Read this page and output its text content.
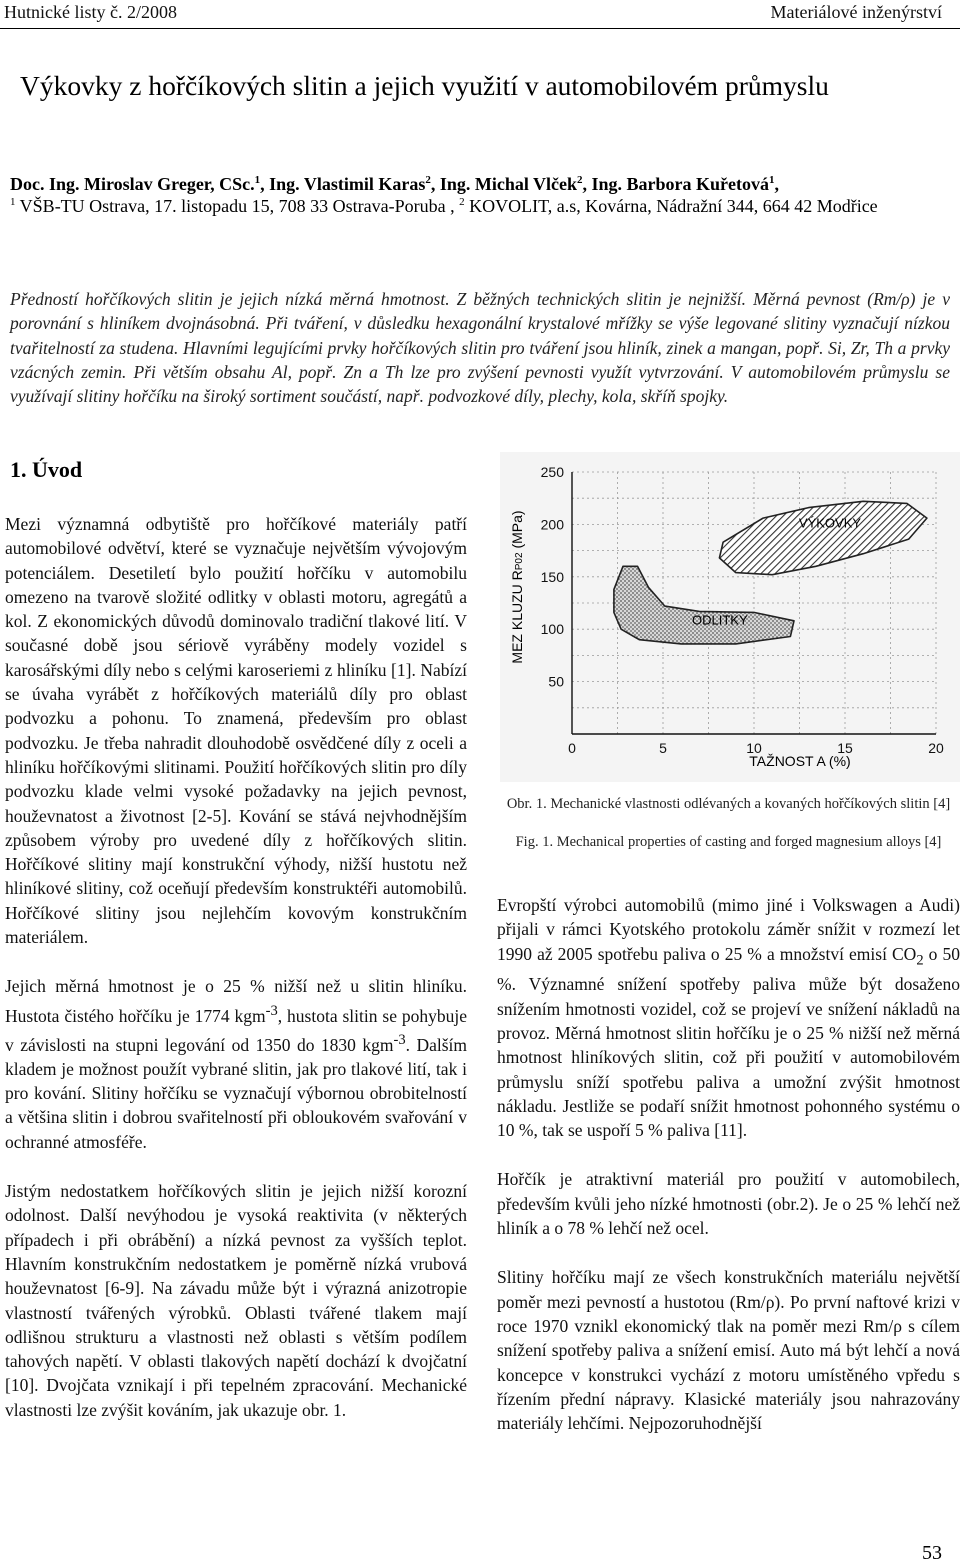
Hutnické listy č. 2/2008	Materiálové inženýrství
Výkovky z hořčíkových slitin a jejich využití v automobilovém průmyslu
Doc. Ing. Miroslav Greger, CSc.$^1$, Ing. Vlastimil Karas$^2$, Ing. Michal Vlček$^2$, Ing. Barbora Kuřetová$^1$,
$^1$ VŠB-TU Ostrava, 17. listopadu 15, 708 33 Ostrava-Poruba , $^2$ KOVOLIT, a.s, Kovárna, Nádražní 344, 664 42 Modřice
Předností hořčíkových slitin je jejich nízká měrná hmotnost. Z běžných technických slitin je nejnižší. Měrná pevnost (Rm/ρ) je v porovnání s hliníkem dvojnásobná. Při tváření, v důsledku hexagonální krystalové mřížky se výše legované slitiny vyznačují nízkou tvařitelností za studena. Hlavními legujícími prvky hořčíkových slitin pro tváření jsou hliník, zinek a mangan, popř. Si, Zr, Th a prvky vzácných zemin. Při větším obsahu Al, popř. Zn a Th lze pro zvýšení pevnosti využít vytvrzování. V automobilovém průmyslu se využívají slitiny hořčíku na široký sortiment součástí, např. podvozkové díly, plechy, kola, skříň spojky.
1. Úvod

Mezi významná odbytiště pro hořčíkové materiály patří automobilové odvětví, které se vyznačuje největším vývojovým potenciálem. Desetiletí bylo použití hořčíku v automobilu omezeno na tvarově složité odlitky v oblasti motoru, agregátů a kol. Z ekonomických důvodů dominovalo tradiční tlakové lití. V současné době jsou sériově vyráběny modely vozidel s karosářskými díly nebo s celými karoseriemi z hliníku [1]. Nabízí se úvaha vyrábět z hořčíkových materiálů díly pro oblast podvozku a pohonu. To znamená, především pro oblast podvozku. Je třeba nahradit dlouhodobě osvědčené díly z oceli a hliníku hořčíkovými slitinami. Použití hořčíkových slitin pro díly podvozku klade velmi vysoké požadavky na jejich pevnost, houževnatost a životnost [2-5]. Kování se stává nejvhodnějším způsobem výroby pro uvedené díly z hořčíkových slitin. Hořčíkové slitiny mají konstrukční výhody, nižší hustotu než hliníkové slitiny, což oceňují především konstruktéři automobilů. Hořčíkové slitiny jsou nejlehčím kovovým konstrukčním materiálem.

Jejich měrná hmotnost je o 25 % nižší než u slitin hliníku. Hustota čistého hořčíku je 1774 kgm$^{-3}$, hustota slitin se pohybuje v závislosti na stupni legování od 1350 do 1830 kgm$^{-3}$. Dalším kladem je možnost použít vybrané slitin, jak pro tlakové lití, tak i pro kování. Slitiny hořčíku se vyznačují výbornou obrobitelností a většina slitin i dobrou svařitelností při obloukovém svařování v ochranné atmosféře.

Jistým nedostatkem hořčíkových slitin je jejich nižší korozní odolnost. Další nevýhodou je vysoká reaktivita (v některých případech i při obrábění) a nízká pevnost za vyšších teplot. Hlavním konstrukčním nedostatkem je poměrně nízká vrubová houževnatost [6-9]. Na závadu může být i výrazná anizotropie vlastností tvářených výrobků. Oblasti tvářené tlakem mají odlišnou strukturu a vlastnosti než oblasti s větším podílem tahových napětí. V oblasti tlakových napětí dochází k dvojčatní [10]. Dvojčata vznikají i při tepelném zpracování. Mechanické vlastnosti lze zvýšit kováním, jak ukazuje obr. 1.

VÝKOVKY
ODLITKY
50
100
150
200
250
0	5	10	15	20
TAŽNOST A (%)
MEZ KLUZU RP02 (MPa)
Obr. 1. Mechanické vlastnosti odlévaných a kovaných hořčíkových slitin [4]
Fig. 1. Mechanical properties of casting and forged magnesium alloys [4]

Evropští výrobci automobilů (mimo jiné i Volkswagen a Audi) přijali v rámci Kyotského protokolu záměr snížit v rozmezí let 1990 až 2005 spotřebu paliva o 25 % a množství emisí $CO_2$ o 50 %. Významné snížení spotřeby paliva může být dosaženo snížením hmotnosti vozidel, což se projeví ve snížení nákladů na provoz. Měrná hmotnost slitin hořčíku je o 25 % nižší než měrná hmotnost hliníkových slitin, což při použití v automobilovém průmyslu sníží spotřebu paliva a umožní zvýšit hmotnost nákladu. Jestliže se podaří snížit hmotnost pohonného systému o 10 %, tak se uspoří 5 % paliva [11].

Hořčík je atraktivní materiál pro použití v automobilech, především kvůli jeho nízké hmotnosti (obr.2). Je o 25 % lehčí než hliník a o 78 % lehčí než ocel.

Slitiny hořčíku mají ze všech konstrukčních materiálu největší poměr mezi pevností a hustotou (Rm/ρ). Po první naftové krizi v roce 1970 vznikl ekonomický tlak na poměr mezi Rm/ρ s cílem snížení spotřeby paliva a snížení emisí. Auto má být lehčí a nová koncepce v konstrukci vychází z motoru umístěného vpředu s řízením přední nápravy. Klasické materiály jsou nahrazovány materiály lehčími. Nejpozoruhodnější

53
